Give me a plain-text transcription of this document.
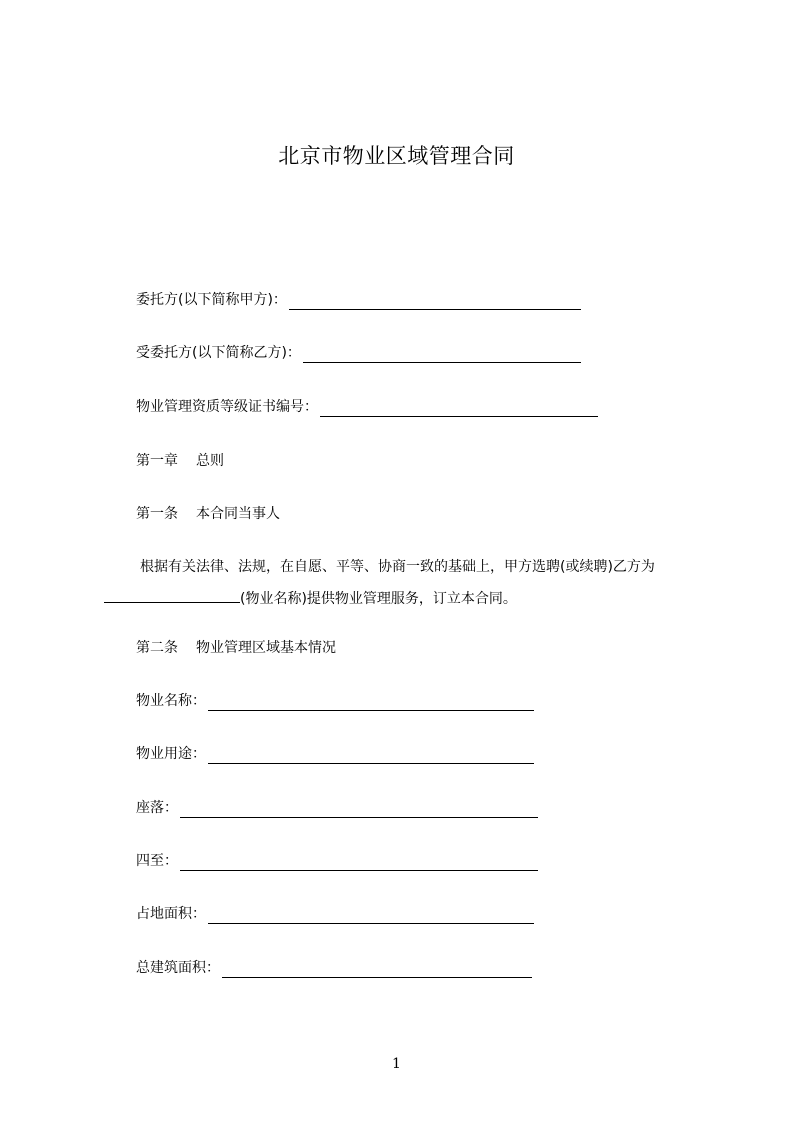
北京市物业区域管理合同
委托方(以下简称甲方)：
受委托方(以下简称乙方)：
物业管理资质等级证书编号：
第一章 总则
第一条 本合同当事人
根据有关法律、法规，在自愿、平等、协商一致的基础上，甲方选聘(或续聘)乙方为(物业名称)提供物业管理服务，订立本合同。
第二条 物业管理区域基本情况
物业名称：
物业用途：
座落：
四至：
占地面积：
总建筑面积：
1
